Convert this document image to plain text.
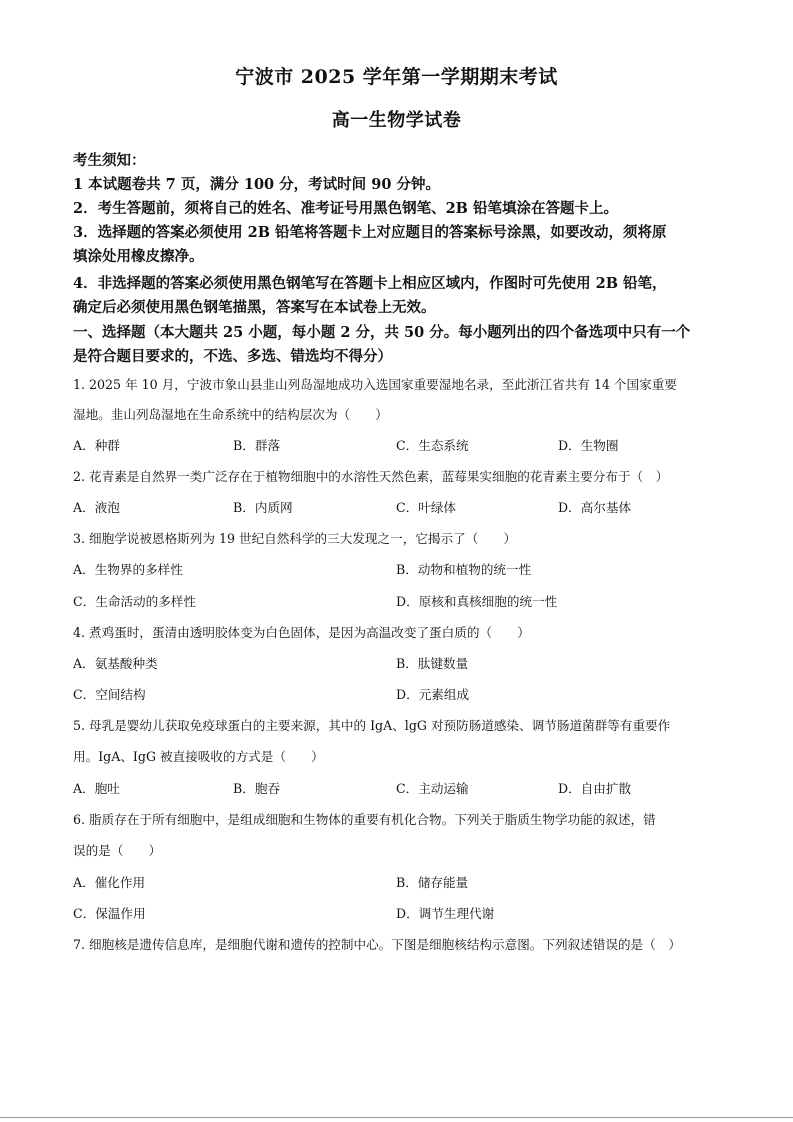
宁波市 2025 学年第一学期期末考试
高一生物学试卷
考生须知：
1 本试题卷共 7 页，满分 100 分，考试时间 90 分钟。
2．考生答题前，须将自己的姓名、准考证号用黑色钢笔、2B 铅笔填涂在答题卡上。
3．选择题的答案必须使用 2B 铅笔将答题卡上对应题目的答案标号涂黑，如要改动，须将原
填涂处用橡皮擦净。
4．非选择题的答案必须使用黑色钢笔写在答题卡上相应区域内，作图时可先使用 2B 铅笔，
确定后必须使用黑色钢笔描黑，答案写在本试卷上无效。
一、选择题（本大题共 25 小题，每小题 2 分，共 50 分。每小题列出的四个备选项中只有一个
是符合题目要求的，不选、多选、错选均不得分）
1. 2025 年 10 月，宁波市象山县韭山列岛湿地成功入选国家重要湿地名录，至此浙江省共有 14 个国家重要
湿地。韭山列岛湿地在生命系统中的结构层次为（　　）
A．种群	B．群落	C．生态系统	D．生物圈
2. 花青素是自然界一类广泛存在于植物细胞中的水溶性天然色素，蓝莓果实细胞的花青素主要分布于（　）
A．液泡	B．内质网	C．叶绿体	D．高尔基体
3. 细胞学说被恩格斯列为 19 世纪自然科学的三大发现之一，它揭示了（　　）
A．生物界的多样性	B．动物和植物的统一性
C．生命活动的多样性	D．原核和真核细胞的统一性
4. 煮鸡蛋时，蛋清由透明胶体变为白色固体，是因为高温改变了蛋白质的（　　）
A．氨基酸种类	B．肽键数量
C．空间结构	D．元素组成
5. 母乳是婴幼儿获取免疫球蛋白的主要来源，其中的 IgA、lgG 对预防肠道感染、调节肠道菌群等有重要作
用。IgA、IgG 被直接吸收的方式是（　　）
A．胞吐	B．胞吞	C．主动运输	D．自由扩散
6. 脂质存在于所有细胞中，是组成细胞和生物体的重要有机化合物。下列关于脂质生物学功能的叙述，错
误的是（　　）
A．催化作用	B．储存能量
C．保温作用	D．调节生理代谢
7. 细胞核是遗传信息库，是细胞代谢和遗传的控制中心。下图是细胞核结构示意图。下列叙述错误的是（　）
